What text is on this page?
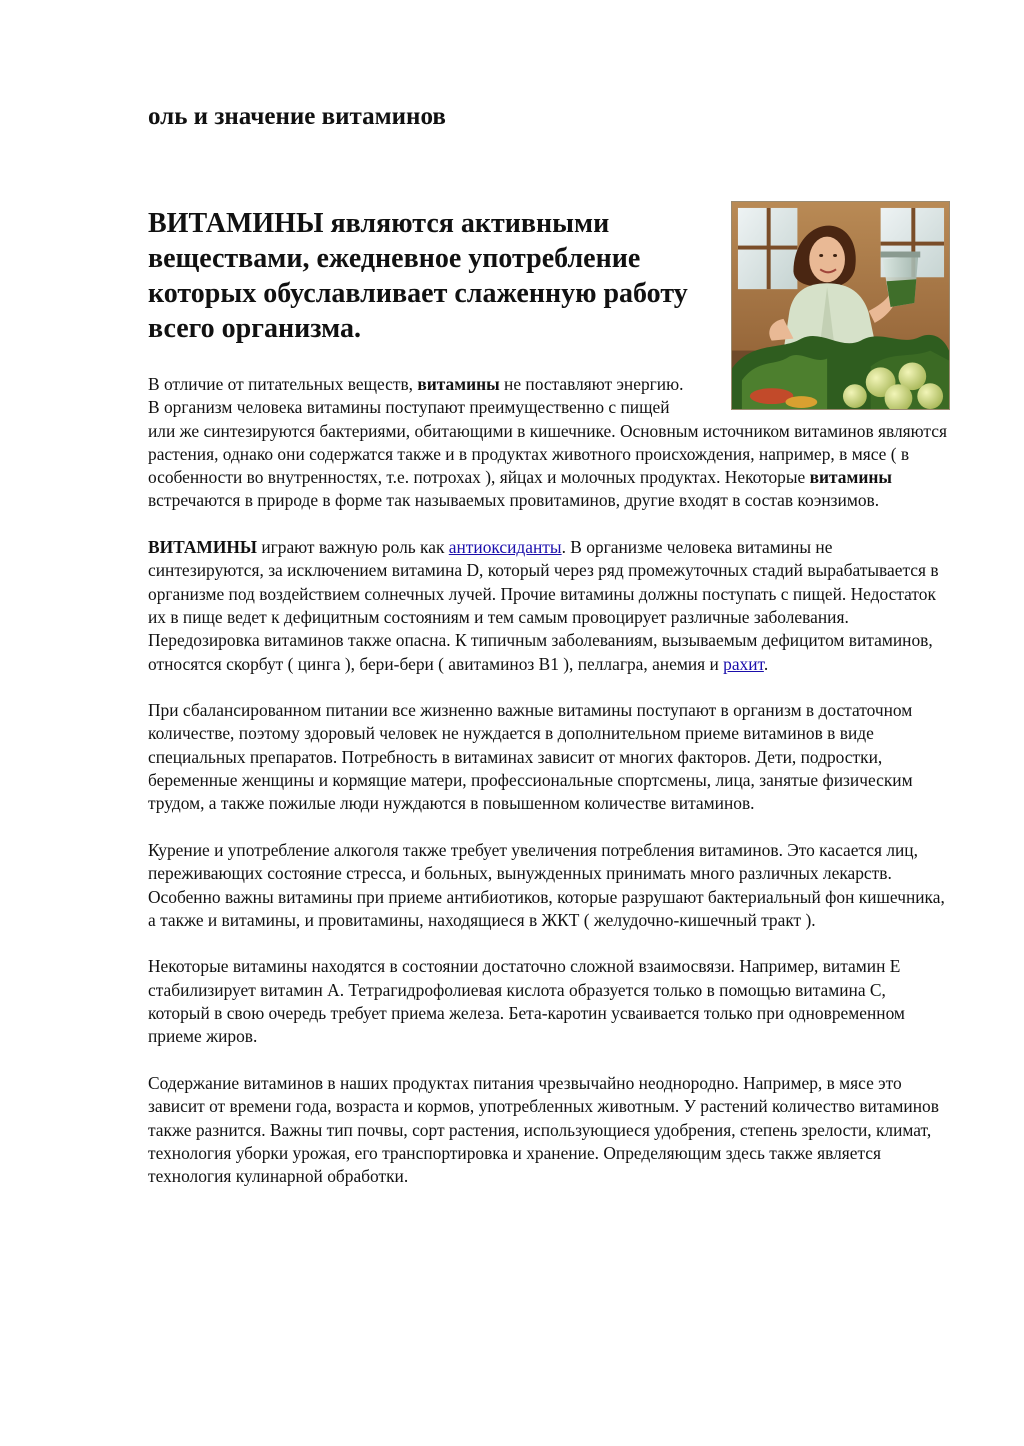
оль и значение витаминов
ВИТАМИНЫ являются активными веществами, ежедневное употребление которых обуславливает слаженную работу всего организма.

В отличие от питательных веществ, витамины не поставляют энергию. В организм человека витамины поступают преимущественно с пищей или же синтезируются бактериями, обитающими в кишечнике. Основным источником витаминов являются растения, однако они содержатся также и в продуктах животного происхождения, например, в мясе ( в особенности во внутренностях, т.е. потрохах ), яйцах и молочных продуктах. Некоторые витамины встречаются в природе в форме так называемых провитаминов, другие входят в состав коэнзимов.

ВИТАМИНЫ играют важную роль как антиоксиданты. В организме человека витамины не синтезируются, за исключением витамина D, который через ряд промежуточных стадий вырабатывается в организме под воздействием солнечных лучей. Прочие витамины должны поступать с пищей. Недостаток их в пище ведет к дефицитным состояниям и тем самым провоцирует различные заболевания. Передозировка витаминов также опасна. К типичным заболеваниям, вызываемым дефицитом витаминов, относятся скорбут ( цинга ), бери-бери ( авитаминоз B1 ), пеллагра, анемия и рахит.

При сбалансированном питании все жизненно важные витамины поступают в организм в достаточном количестве, поэтому здоровый человек не нуждается в дополнительном приеме витаминов в виде специальных препаратов. Потребность в витаминах зависит от многих факторов. Дети, подростки, беременные женщины и кормящие матери, профессиональные спортсмены, лица, занятые физическим трудом, а также пожилые люди нуждаются в повышенном количестве витаминов.

Курение и употребление алкоголя также требует увеличения потребления витаминов. Это касается лиц, переживающих состояние стресса, и больных, вынужденных принимать много различных лекарств. Особенно важны витамины при приеме антибиотиков, которые разрушают бактериальный фон кишечника, а также и витамины, и провитамины, находящиеся в ЖКТ ( желудочно-кишечный тракт ).

Некоторые витамины находятся в состоянии достаточно сложной взаимосвязи. Например, витамин Е стабилизирует витамин А. Тетрагидрофолиевая кислота образуется только в помощью витамина С, который в свою очередь требует приема железа. Бета-каротин усваивается только при одновременном приеме жиров.

Содержание витаминов в наших продуктах питания чрезвычайно неоднородно. Например, в мясе это зависит от времени года, возраста и кормов, употребленных животным. У растений количество витаминов также разнится. Важны тип почвы, сорт растения, использующиеся удобрения, степень зрелости, климат, технология уборки урожая, его транспортировка и хранение. Определяющим здесь также является технология кулинарной обработки.
